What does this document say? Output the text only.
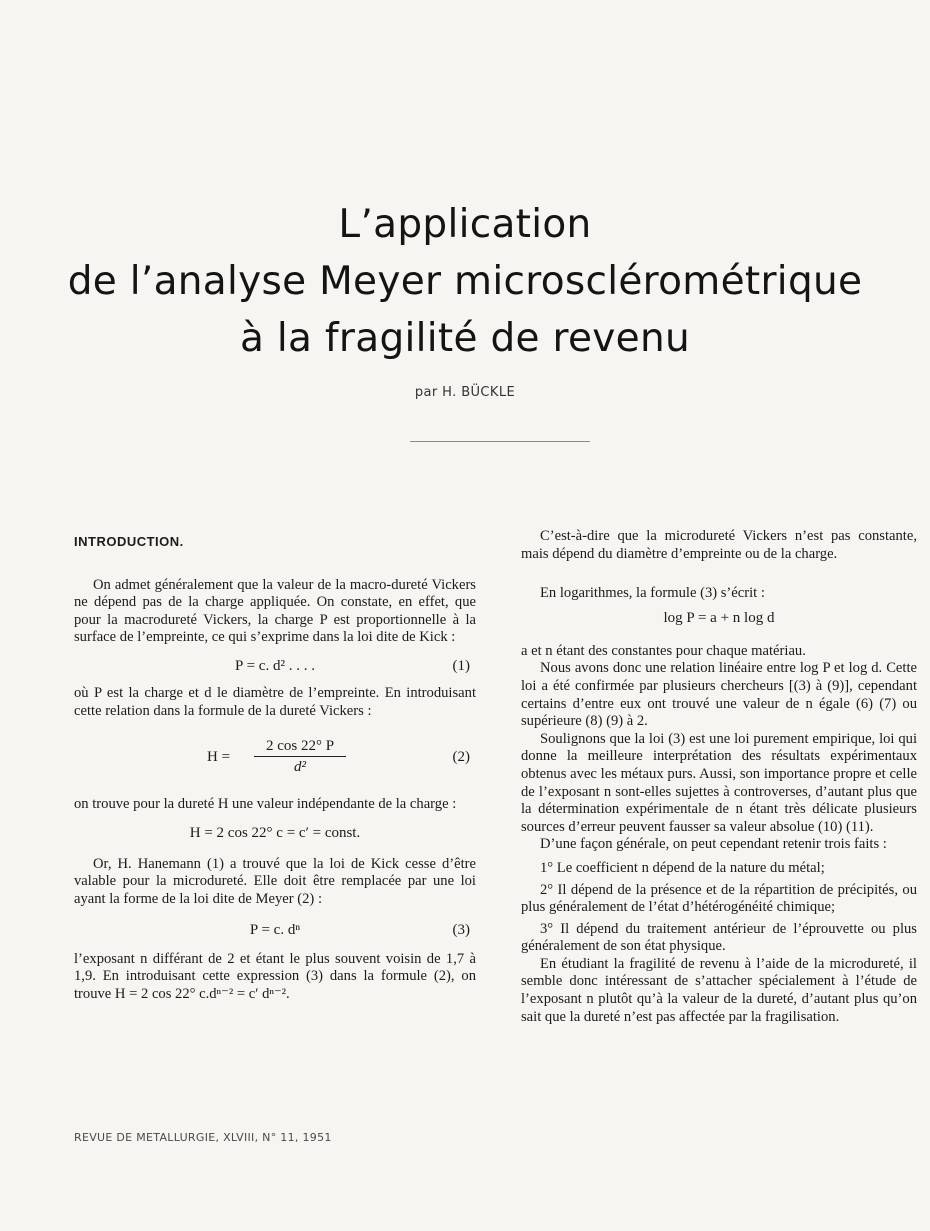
L’application
de l’analyse Meyer microsclérométrique
à la fragilité de revenu
par H. BÜCKLE

INTRODUCTION.

On admet généralement que la valeur de la macro-dureté Vickers ne dépend pas de la charge appliquée. On constate, en effet, que pour la macrodureté Vickers, la charge P est proportionnelle à la surface de l’empreinte, ce qui s’exprime dans la loi dite de Kick :

P = c. d² . . . .	(1)

où P est la charge et d le diamètre de l’empreinte. En introduisant cette relation dans la formule de la dureté Vickers :

$H = \frac{2 \cos 22^\circ P}{\text{d²}}$	(2)

on trouve pour la dureté H une valeur indépendante de la charge :

H = 2 cos 22° c = c′ = const.

Or, H. Hanemann (1) a trouvé que la loi de Kick cesse d’être valable pour la microdureté. Elle doit être remplacée par une loi ayant la forme de la loi dite de Meyer (2) :

P = c. dⁿ	(3)

l’exposant n différant de 2 et étant le plus souvent voisin de 1,7 à 1,9. En introduisant cette expression (3) dans la formule (2), on trouve H = 2 cos 22° c.dⁿ⁻² = c′ dⁿ⁻².

C’est-à-dire que la microdureté Vickers n’est pas constante, mais dépend du diamètre d’empreinte ou de la charge.

En logarithmes, la formule (3) s’écrit :

log P = a + n log d

a et n étant des constantes pour chaque matériau.

Nous avons donc une relation linéaire entre log P et log d. Cette loi a été confirmée par plusieurs chercheurs [(3) à (9)], cependant certains d’entre eux ont trouvé une valeur de n égale (6) (7) ou supérieure (8) (9) à 2.

Soulignons que la loi (3) est une loi purement empirique, loi qui donne la meilleure interprétation des résultats expérimentaux obtenus avec les métaux purs. Aussi, son importance propre et celle de l’exposant n sont-elles sujettes à controverses, d’autant plus que la détermination expérimentale de n étant très délicate plusieurs sources d’erreur peuvent fausser sa valeur absolue (10) (11).

D’une façon générale, on peut cependant retenir trois faits :

1° Le coefficient n dépend de la nature du métal;

2° Il dépend de la présence et de la répartition de précipités, ou plus généralement de l’état d’hétérogénéité chimique;

3° Il dépend du traitement antérieur de l’éprouvette ou plus généralement de son état physique.

En étudiant la fragilité de revenu à l’aide de la microdureté, il semble donc intéressant de s’attacher spécialement à l’étude de l’exposant n plutôt qu’à la valeur de la dureté, d’autant plus qu’on sait que la dureté n’est pas affectée par la fragilisation.

REVUE DE METALLURGIE, XLVIII, N° 11, 1951
